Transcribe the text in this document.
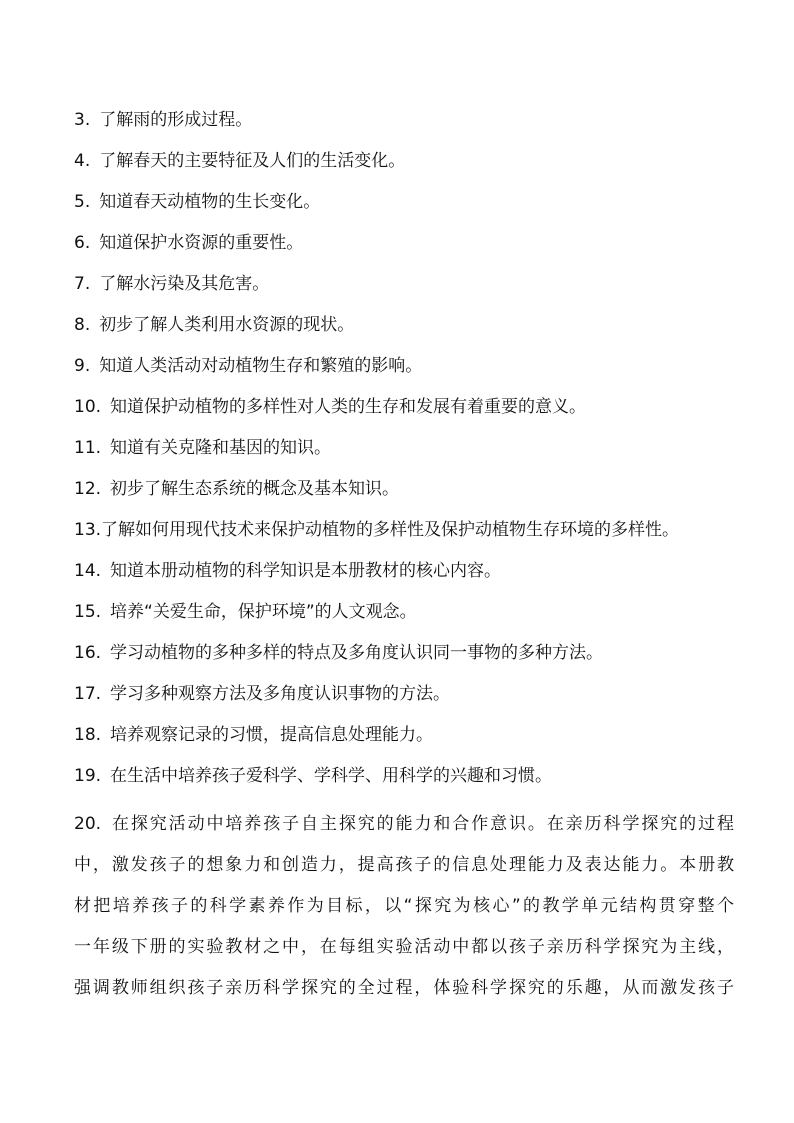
3. 了解雨的形成过程。
4. 了解春天的主要特征及人们的生活变化。
5. 知道春天动植物的生长变化。
6. 知道保护水资源的重要性。
7. 了解水污染及其危害。
8. 初步了解人类利用水资源的现状。
9. 知道人类活动对动植物生存和繁殖的影响。
10. 知道保护动植物的多样性对人类的生存和发展有着重要的意义。
11. 知道有关克隆和基因的知识。
12. 初步了解生态系统的概念及基本知识。
13.了解如何用现代技术来保护动植物的多样性及保护动植物生存环境的多样性。
14. 知道本册动植物的科学知识是本册教材的核心内容。
15. 培养“关爱生命，保护环境”的人文观念。
16. 学习动植物的多种多样的特点及多角度认识同一事物的多种方法。
17. 学习多种观察方法及多角度认识事物的方法。
18. 培养观察记录的习惯，提高信息处理能力。
19. 在生活中培养孩子爱科学、学科学、用科学的兴趣和习惯。
20. 在探究活动中培养孩子自主探究的能力和合作意识。在亲历科学探究的过程
中，激发孩子的想象力和创造力，提高孩子的信息处理能力及表达能力。本册教
材把培养孩子的科学素养作为目标，以“探究为核心”的教学单元结构贯穿整个
一年级下册的实验教材之中，在每组实验活动中都以孩子亲历科学探究为主线，
强调教师组织孩子亲历科学探究的全过程，体验科学探究的乐趣，从而激发孩子
